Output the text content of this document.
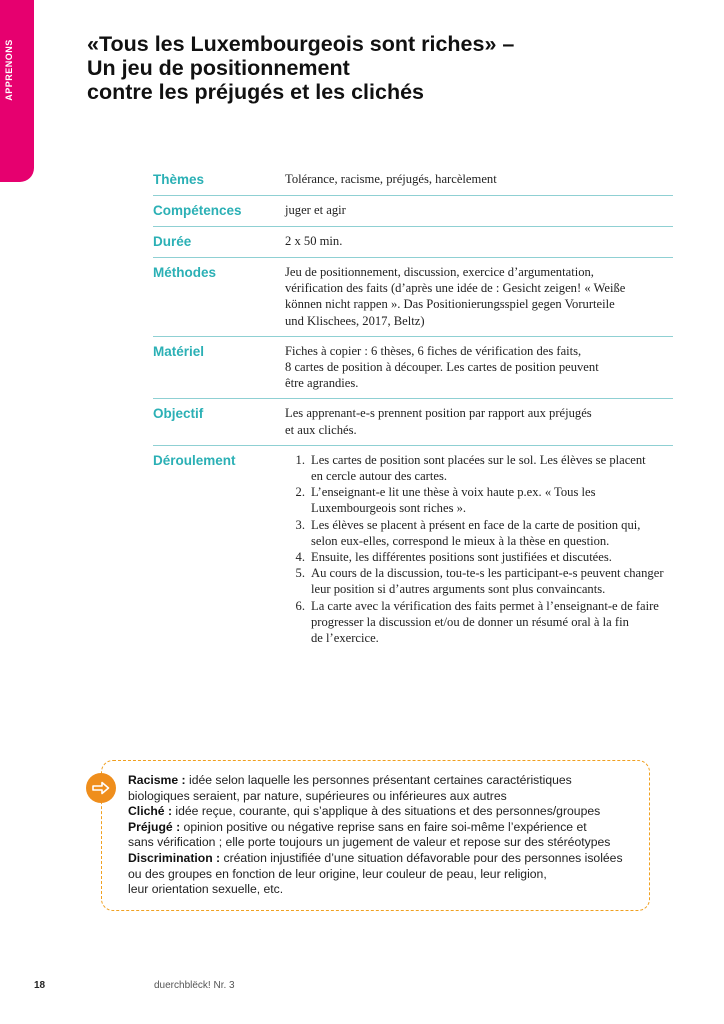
APPRENONS	«Tous les Luxembourgeois sont riches» –
Un jeu de positionnement
contre les préjugés et les clichés
Thèmes	Tolérance, racisme, préjugés, harcèlement
Compétences	juger et agir
Durée	2 x 50 min.
Méthodes	Jeu de positionnement, discussion, exercice d’argumentation,
vérification des faits (d’après une idée de : Gesicht zeigen! « Weiße
können nicht rappen ». Das Positionierungsspiel gegen Vorurteile
und Klischees, 2017, Beltz)
Matériel	Fiches à copier : 6 thèses, 6 fiches de vérification des faits,
8 cartes de position à découper. Les cartes de position peuvent
être agrandies.
Objectif	Les apprenant-e-s prennent position par rapport aux préjugés
et aux clichés.
Déroulement	1. Les cartes de position sont placées sur le sol. Les élèves se placent
en cercle autour des cartes.
2. L’enseignant-e lit une thèse à voix haute p.ex. « Tous les
Luxembourgeois sont riches ».
3. Les élèves se placent à présent en face de la carte de position qui,
selon eux-elles, correspond le mieux à la thèse en question.
4. Ensuite, les différentes positions sont justifiées et discutées.
5. Au cours de la discussion, tou-te-s les participant-e-s peuvent changer
leur position si d’autres arguments sont plus convaincants.
6. La carte avec la vérification des faits permet à l’enseignant-e de faire
progresser la discussion et/ou de donner un résumé oral à la fin
de l’exercice.
Racisme : idée selon laquelle les personnes présentant certaines caractéristiques
biologiques seraient, par nature, supérieures ou inférieures aux autres
Cliché : idée reçue, courante, qui s’applique à des situations et des personnes/groupes
Préjugé : opinion positive ou négative reprise sans en faire soi-même l’expérience et
sans vérification ; elle porte toujours un jugement de valeur et repose sur des stéréotypes
Discrimination : création injustifiée d’une situation défavorable pour des personnes isolées
ou des groupes en fonction de leur origine, leur couleur de peau, leur religion,
leur orientation sexuelle, etc.
18	duerchblëck! Nr. 3
